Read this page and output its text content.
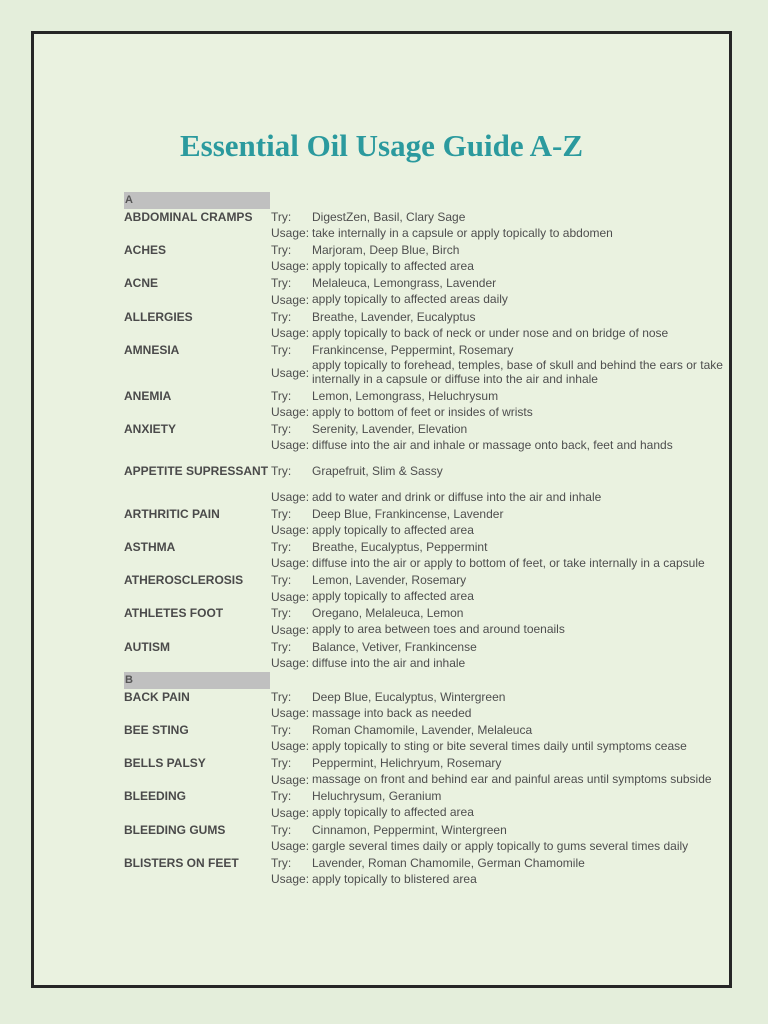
Essential Oil Usage Guide A-Z
A
ABDOMINAL CRAMPS	Try:	DigestZen, Basil, Clary Sage
Usage: take internally in a capsule or apply topically to abdomen
ACHES	Try:	Marjoram, Deep Blue, Birch
Usage: apply topically to affected area
ACNE	Try:	Melaleuca, Lemongrass, Lavender
Usage: apply topically to affected areas daily
ALLERGIES	Try:	Breathe, Lavender, Eucalyptus
Usage: apply topically to back of neck or under nose and on bridge of nose
AMNESIA	Try:	Frankincense, Peppermint, Rosemary
Usage:
apply topically to forehead, temples, base of skull and behind the ears or take internally in a capsule or diffuse into the air and inhale
ANEMIA	Try:	Lemon, Lemongrass, Heluchrysum
Usage: apply to bottom of feet or insides of wrists
ANXIETY	Try:	Serenity, Lavender, Elevation
Usage: diffuse into the air and inhale or massage onto back, feet and hands
APPETITE SUPRESSANT Try:	Grapefruit, Slim & Sassy
Usage: add to water and drink or diffuse into the air and inhale
ARTHRITIC PAIN	Try:	Deep Blue, Frankincense, Lavender
Usage: apply topically to affected area
ASTHMA	Try:	Breathe, Eucalyptus, Peppermint
Usage: diffuse into the air or apply to bottom of feet, or take internally in a capsule
ATHEROSCLEROSIS	Try:	Lemon, Lavender, Rosemary
Usage: apply topically to affected area
ATHLETES FOOT	Try:	Oregano, Melaleuca, Lemon
Usage: apply to area between toes and around toenails
AUTISM	Try:	Balance, Vetiver, Frankincense
Usage: diffuse into the air and inhale
B
BACK PAIN	Try:	Deep Blue, Eucalyptus, Wintergreen
Usage: massage into back as needed
BEE STING	Try:	Roman Chamomile, Lavender, Melaleuca
Usage: apply topically to sting or bite several times daily until symptoms cease
BELLS PALSY	Try:	Peppermint, Helichryum, Rosemary
Usage: massage on front and behind ear and painful areas until symptoms subside
BLEEDING	Try:	Heluchrysum, Geranium
Usage: apply topically to affected area
BLEEDING GUMS	Try:	Cinnamon, Peppermint, Wintergreen
Usage: gargle several times daily or apply topically to gums several times daily
BLISTERS ON FEET	Try:	Lavender, Roman Chamomile, German Chamomile
Usage: apply topically to blistered area
